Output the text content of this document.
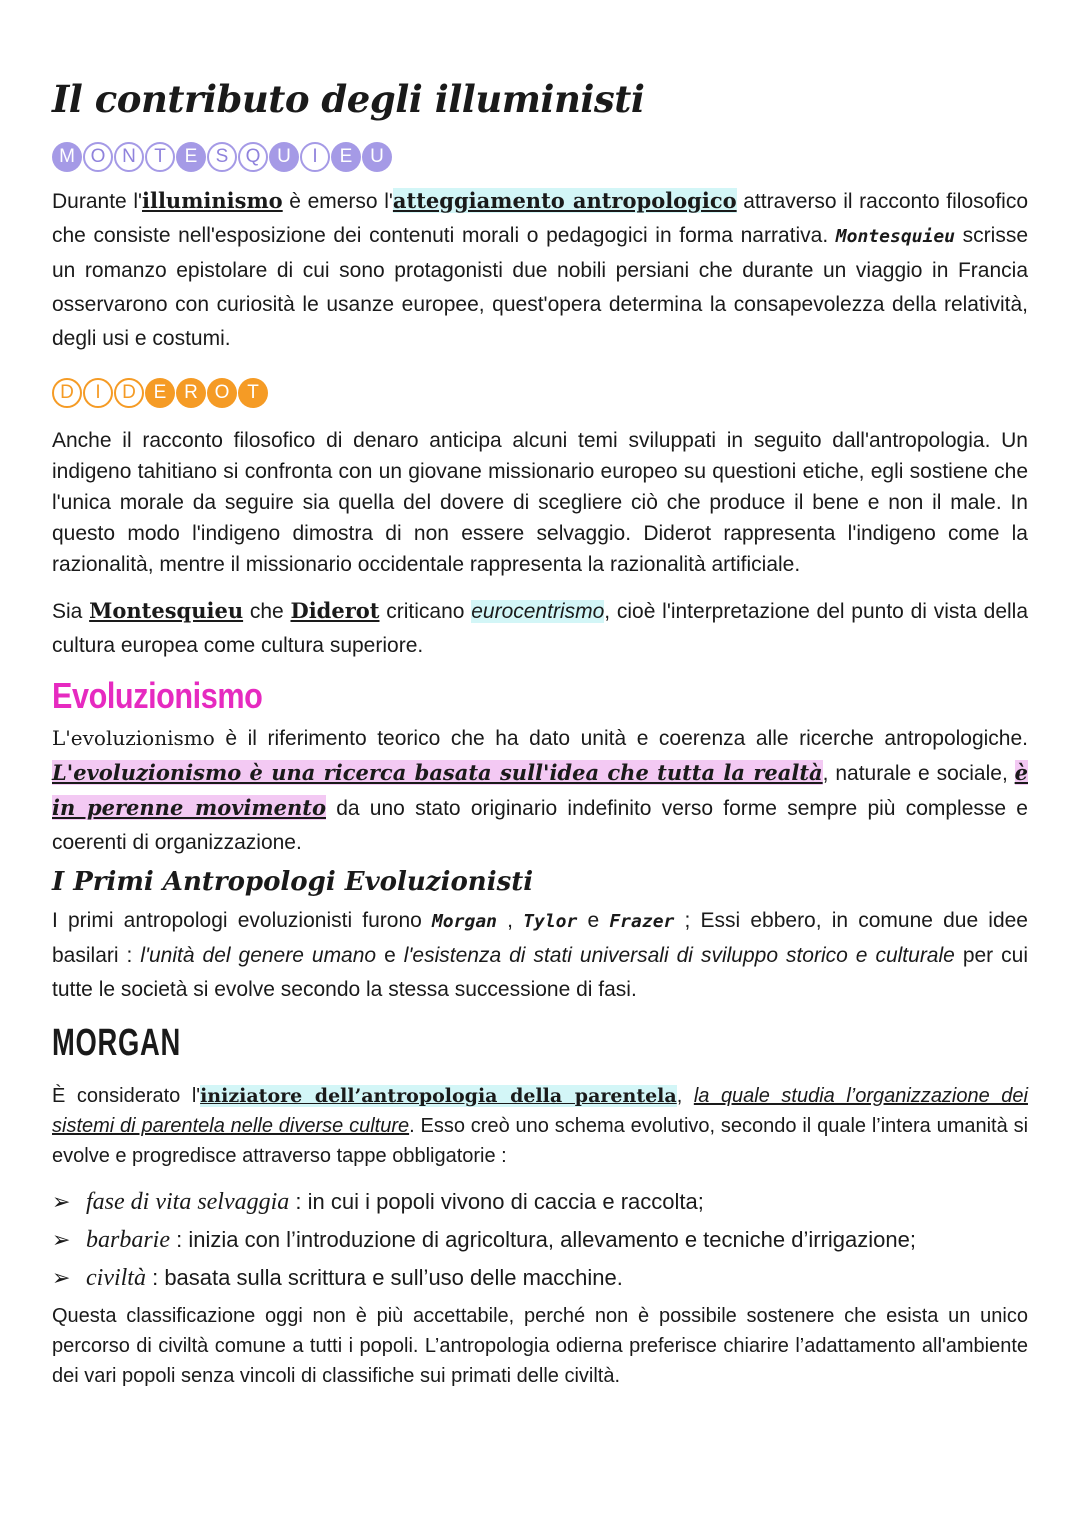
Il contributo degli illuministi
M O N T E S Q U	I	E U

Durante l'illuminismo è emerso l'atteggiamento antropologico attraverso il racconto filosofico che consiste nell'esposizione dei contenuti morali o pedagogici in forma narrativa. Montesquieu scrisse un romanzo epistolare di cui sono protagonisti due nobili persiani che durante un viaggio in Francia osservarono con curiosità le usanze europee, quest'opera determina la consapevolezza della relatività, degli usi e costumi.

D	I	D E R O T

Anche il racconto filosofico di denaro anticipa alcuni temi sviluppati in seguito dall'antropologia. Un indigeno tahitiano si confronta con un giovane missionario europeo su questioni etiche, egli sostiene che l'unica morale da seguire sia quella del dovere di scegliere ciò che produce il bene e non il male. In questo modo l'indigeno dimostra di non essere selvaggio. Diderot rappresenta l'indigeno come la razionalità, mentre il missionario occidentale rappresenta la razionalità artificiale.

Sia Montesquieu che Diderot criticano eurocentrismo, cioè l'interpretazione del punto di vista della cultura europea come cultura superiore.

Evoluzionismo

L'evoluzionismo è il riferimento teorico che ha dato unità e coerenza alle ricerche antropologiche. L'evoluzionismo è una ricerca basata sull'idea che tutta la realtà, naturale e sociale, è in perenne movimento da uno stato originario indefinito verso forme sempre più complesse e coerenti di organizzazione.

I Primi Antropologi Evoluzionisti

I primi antropologi evoluzionisti furono Morgan , Tylor e Frazer ; Essi ebbero, in comune due idee basilari : l'unità del genere umano e l'esistenza di stati universali di sviluppo storico e culturale per cui tutte le società si evolve secondo la stessa successione di fasi.

MORGAN

È considerato l'iniziatore dell’antropologia della parentela, la quale studia l’organizzazione dei sistemi di parentela nelle diverse culture. Esso creò uno schema evolutivo, secondo il quale l’intera umanità si evolve e progredisce attraverso tappe obbligatorie :

➢ fase di vita selvaggia : in cui i popoli vivono di caccia e raccolta;
➢ barbarie : inizia con l’introduzione di agricoltura, allevamento e tecniche d’irrigazione;
➢ civiltà : basata sulla scrittura e sull’uso delle macchine.

Questa classificazione oggi non è più accettabile, perché non è possibile sostenere che esista un unico percorso di civiltà comune a tutti i popoli. L’antropologia odierna preferisce chiarire l’adattamento all'ambiente dei vari popoli senza vincoli di classifiche sui primati delle civiltà.
